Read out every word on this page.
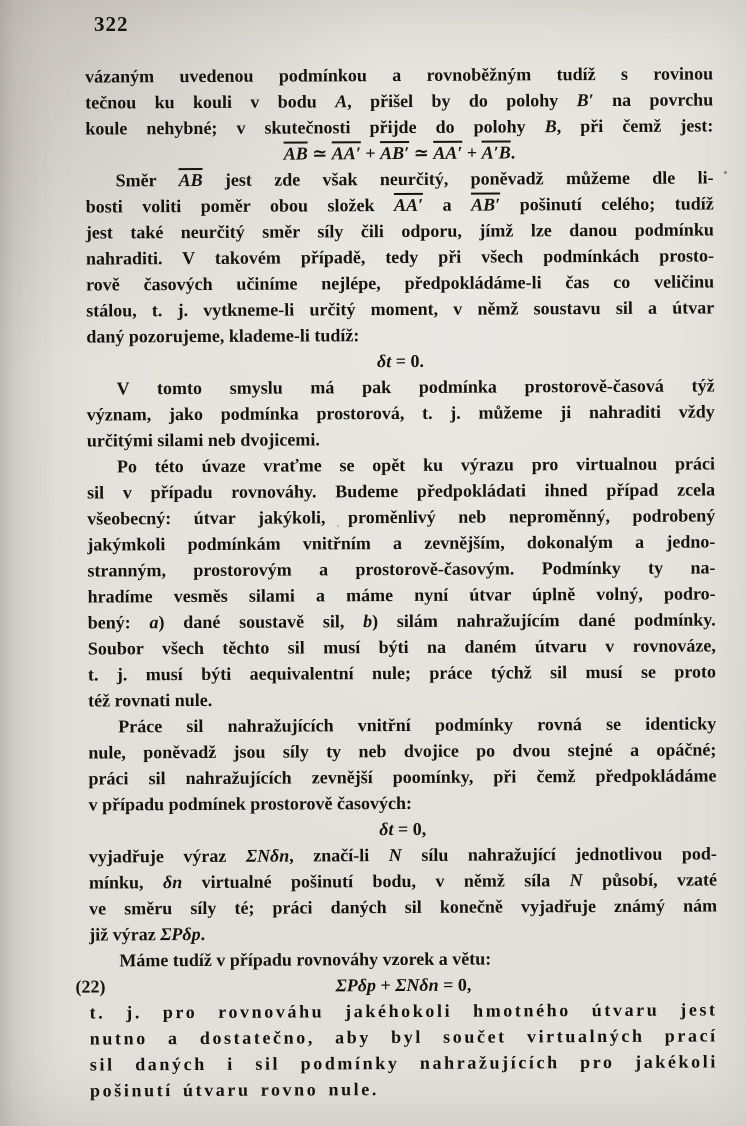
322
vázaným uvedenou podmínkou a rovnoběžným tudíž s rovinou
tečnou ku kouli v bodu A, přišel by do polohy B′ na povrchu
koule nehybné; v skutečnosti přijde do polohy B, při čemž jest:
$\overline{AB}$ ≃ AA′ + AB′ ≃ AA′ + A′B.
Směr $\overline{AB}$ jest zde však neurčitý, poněvadž můžeme dle li-
bosti voliti poměr obou složek AA′ a AB′ pošinutí celého; tudíž
jest také neurčitý směr síly čili odporu, jímž lze danou podmínku
nahraditi. V takovém případě, tedy při všech podmínkách prosto-
rově časových učiníme nejlépe, předpokládáme-li čas co veličinu
stálou, t. j. vytkneme-li určitý moment, v němž soustavu sil a útvar
daný pozorujeme, klademe-li tudíž:
δt = 0.
V tomto smyslu má pak podmínka prostorově-časová týž
význam, jako podmínka prostorová, t. j. můžeme ji nahraditi vždy
určitými silami neb dvojicemi.
Po této úvaze vraťme se opět ku výrazu pro virtualnou práci
sil v případu rovnováhy. Budeme předpokládati ihned případ zcela
všeobecný: útvar jakýkoli, proměnlivý neb neproměnný, podrobený
jakýmkoli podmínkám vnitřním a zevnějším, dokonalým a jedno-
stranným, prostorovým a prostorově-časovým. Podmínky ty na-
hradíme vesměs silami a máme nyní útvar úplně volný, podro-
bený: a) dané soustavě sil, b) silám nahražujícím dané podmínky.
Soubor všech těchto sil musí býti na daném útvaru v rovnováze,
t. j. musí býti aequivalentní nule; práce týchž sil musí se proto
též rovnati nule.
Práce sil nahražujících vnitřní podmínky rovná se identicky
nule, poněvadž jsou síly ty neb dvojice po dvou stejné a opáčné;
práci sil nahražujících zevnější poomínky, při čemž předpokládáme
v případu podmínek prostorově časových:
δt = 0,
vyjadřuje výraz ΣNδn, značí-li N sílu nahražující jednotlivou pod-
mínku, δn virtualné pošinutí bodu, v němž síla N působí, vzaté
ve směru síly té; práci daných sil konečně vyjadřuje známý nám
již výraz ΣPδp.
Máme tudíž v případu rovnováhy vzorek a větu:
(22)	ΣPδp + ΣNδn = 0,
t. j. pro rovnováhu jakéhokoli hmotného útvaru jest
nutno a dostatečno, aby byl součet virtualných prací
sil daných i sil podmínky nahražujících pro jakékoli
pošinutí útvaru rovno nule.
